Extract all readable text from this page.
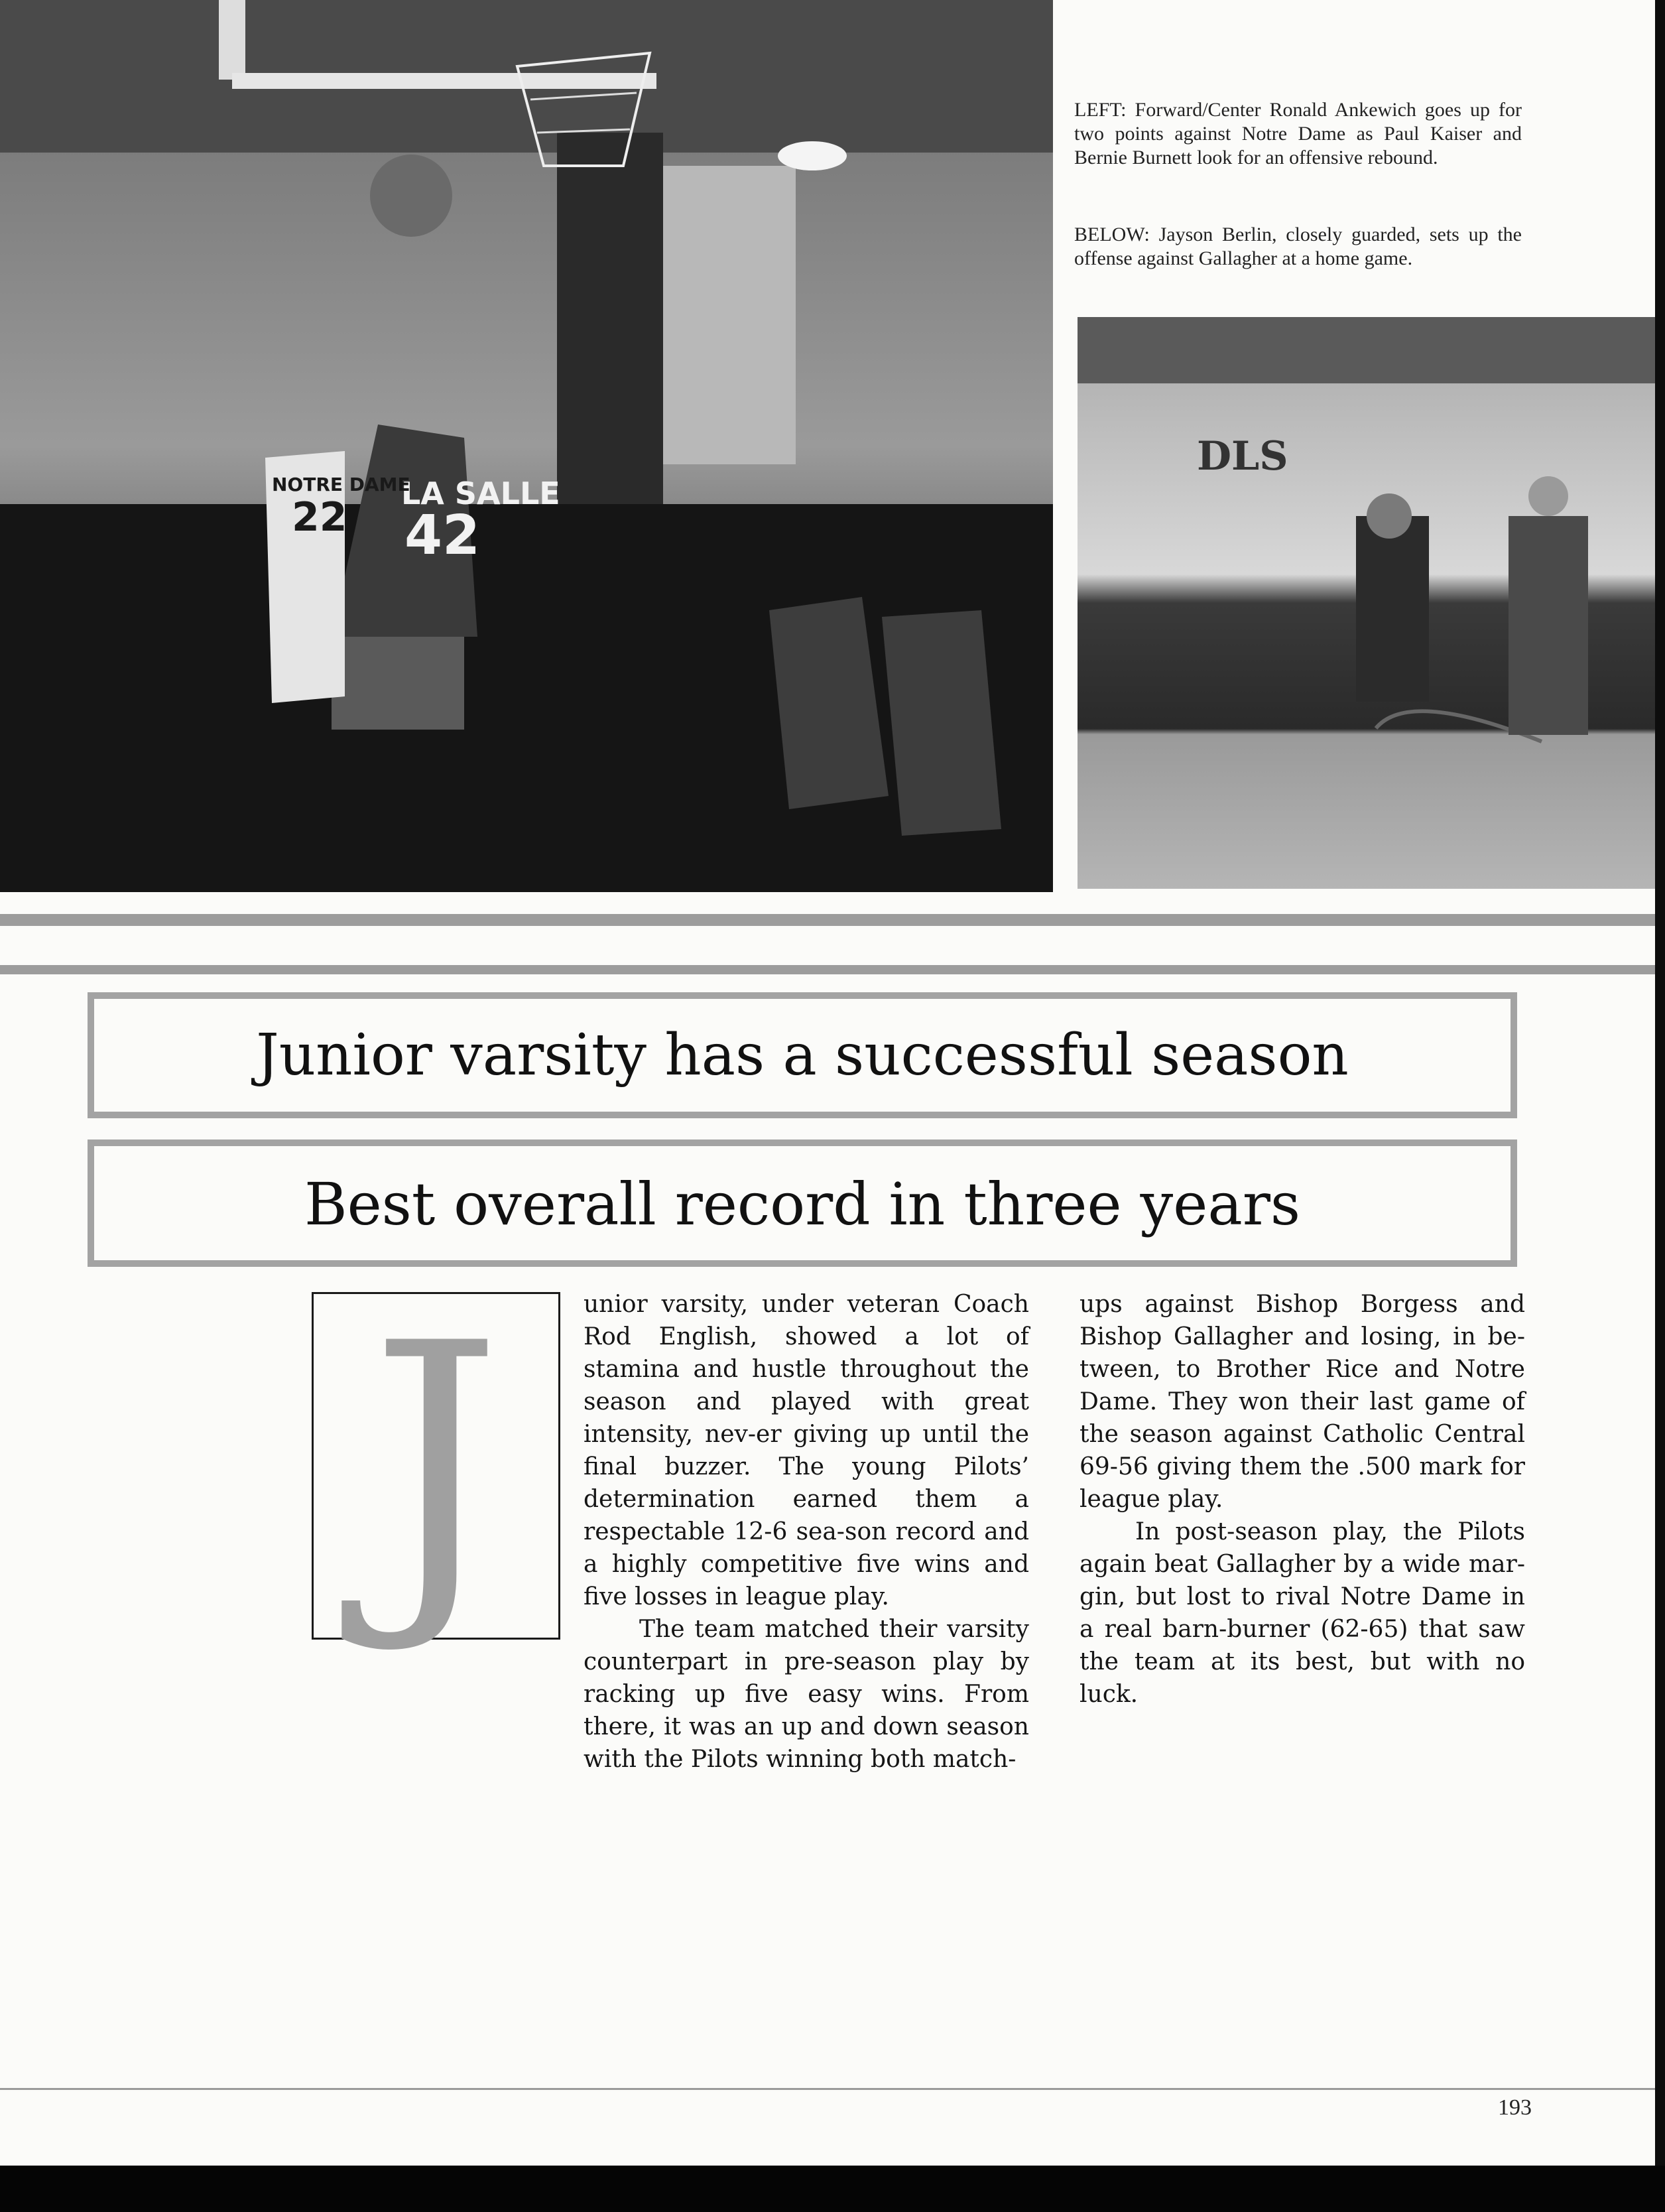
LA SALLE
42
NOTRE DAME
22
LEFT: Forward/Center Ronald Ankewich goes up for two points against Notre Dame as Paul Kaiser and Bernie Burnett look for an offensive rebound.
BELOW: Jayson Berlin, closely guarded, sets up the offense against Gallagher at a home game.
DLS
Junior varsity has a successful season
Best overall record in three years
J	unior varsity, under veteran Coach Rod English, showed a lot of stamina and hustle throughout the season and played with great intensity, nev-er giving up until the final buzzer. The young Pilots’ determination earned them a respectable 12-6 sea-son record and a highly competitive five wins and five losses in league play.

The team matched their varsity counterpart in pre-season play by racking up five easy wins. From there, it was an up and down season with the Pilots winning both match-

ups against Bishop Borgess and Bishop Gallagher and losing, in be-tween, to Brother Rice and Notre Dame. They won their last game of the season against Catholic Central 69-56 giving them the .500 mark for league play.

In post-season play, the Pilots again beat Gallagher by a wide mar-gin, but lost to rival Notre Dame in a real barn-burner (62-65) that saw the team at its best, but with no luck.

193
